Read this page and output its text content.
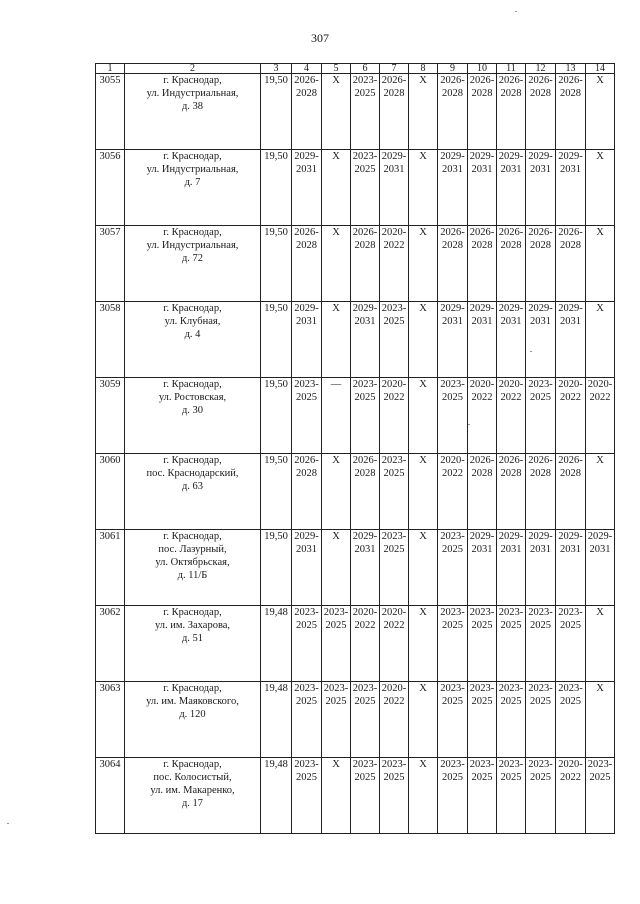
307
1	2	3	4	5	6	7	8	9	10	11	12	13	14
3055	г. Краснодар,
ул. Индустриальная,
д. 38	19,50	2026-
2028	Х	2023-
2025	2026-
2028	Х	2026-
2028	2026-
2028	2026-
2028	2026-
2028	2026-
2028	Х

3056	г. Краснодар,
ул. Индустриальная,
д. 7	19,50	2029-
2031	Х	2023-
2025	2029-
2031	Х	2029-
2031	2029-
2031	2029-
2031	2029-
2031	2029-
2031	Х

3057	г. Краснодар,
ул. Индустриальная,
д. 72	19,50	2026-
2028	Х	2026-
2028	2020-
2022	Х	2026-
2028	2026-
2028	2026-
2028	2026-
2028	2026-
2028	Х

3058	г. Краснодар,
ул. Клубная,
д. 4	19,50	2029-
2031	Х	2029-
2031	2023-
2025	Х	2029-
2031	2029-
2031	2029-
2031	2029-
2031	2029-
2031	Х

3059	г. Краснодар,
ул. Ростовская,
д. 30	19,50	2023-
2025	—	2023-
2025	2020-
2022	Х	2023-
2025	2020-
2022	2020-
2022	2023-
2025	2020-
2022	2020-
2022

3060	г. Краснодар,
пос. Краснодарский,
д. 63	19,50	2026-
2028	Х	2026-
2028	2023-
2025	Х	2020-
2022	2026-
2028	2026-
2028	2026-
2028	2026-
2028	Х

3061	г. Краснодар,
пос. Лазурный,
ул. Октябрьская,
д. 11/Б	19,50	2029-
2031	Х	2029-
2031	2023-
2025	Х	2023-
2025	2029-
2031	2029-
2031	2029-
2031	2029-
2031	2029-
2031

3062	г. Краснодар,
ул. им. Захарова,
д. 51	19,48	2023-
2025	2023-
2025	2020-
2022	2020-
2022	Х	2023-
2025	2023-
2025	2023-
2025	2023-
2025	2023-
2025	Х

3063	г. Краснодар,
ул. им. Маяковского,
д. 120	19,48	2023-
2025	2023-
2025	2023-
2025	2020-
2022	Х	2023-
2025	2023-
2025	2023-
2025	2023-
2025	2023-
2025	Х

3064	г. Краснодар,
пос. Колосистый,
ул. им. Макаренко,
д. 17	19,48	2023-
2025	Х	2023-
2025	2023-
2025	Х	2023-
2025	2023-
2025	2023-
2025	2023-
2025	2020-
2022	2023-
2025
